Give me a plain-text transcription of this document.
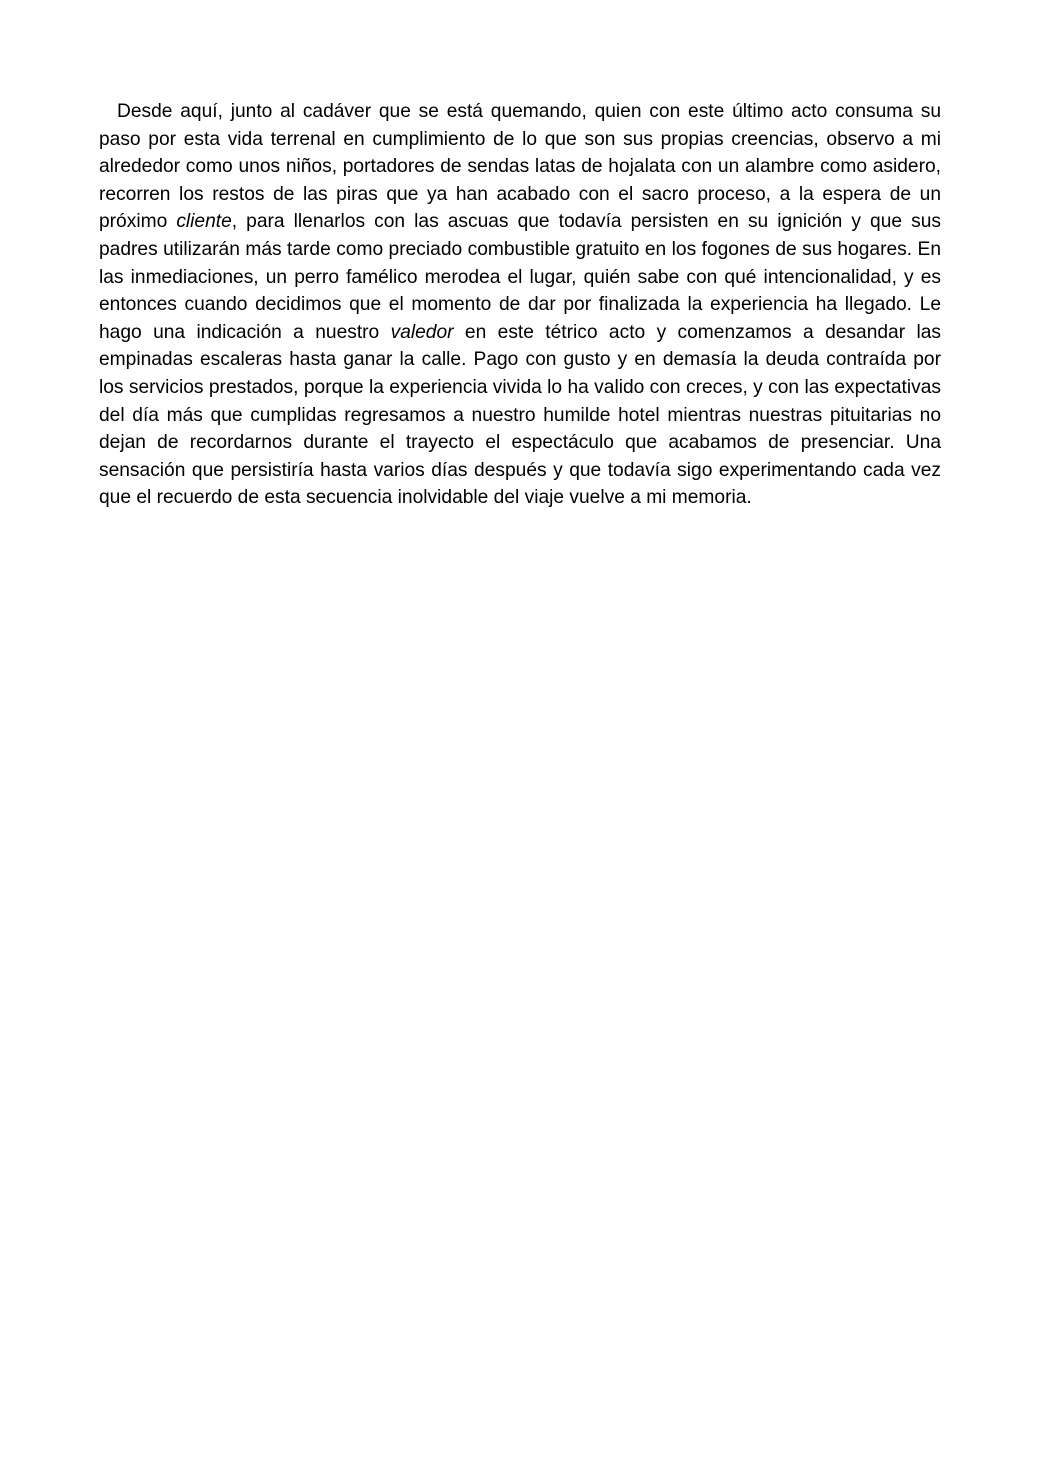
Desde aquí, junto al cadáver que se está quemando, quien con este último acto consuma su paso por esta vida terrenal en cumplimiento de lo que son sus propias creencias, observo a mi alrededor como unos niños, portadores de sendas latas de hojalata con un alambre como asidero, recorren los restos de las piras que ya han acabado con el sacro proceso, a la espera de un próximo cliente, para llenarlos con las ascuas que todavía persisten en su ignición y que sus padres utilizarán más tarde como preciado combustible gratuito en los fogones de sus hogares. En las inmediaciones, un perro famélico merodea el lugar, quién sabe con qué intencionalidad, y es entonces cuando decidimos que el momento de dar por finalizada la experiencia ha llegado. Le hago una indicación a nuestro valedor en este tétrico acto y comenzamos a desandar las empinadas escaleras hasta ganar la calle. Pago con gusto y en demasía la deuda contraída por los servicios prestados, porque la experiencia vivida lo ha valido con creces, y con las expectativas del día más que cumplidas regresamos a nuestro humilde hotel mientras nuestras pituitarias no dejan de recordarnos durante el trayecto el espectáculo que acabamos de presenciar. Una sensación que persistiría hasta varios días después y que todavía sigo experimentando cada vez que el recuerdo de esta secuencia inolvidable del viaje vuelve a mi memoria.
